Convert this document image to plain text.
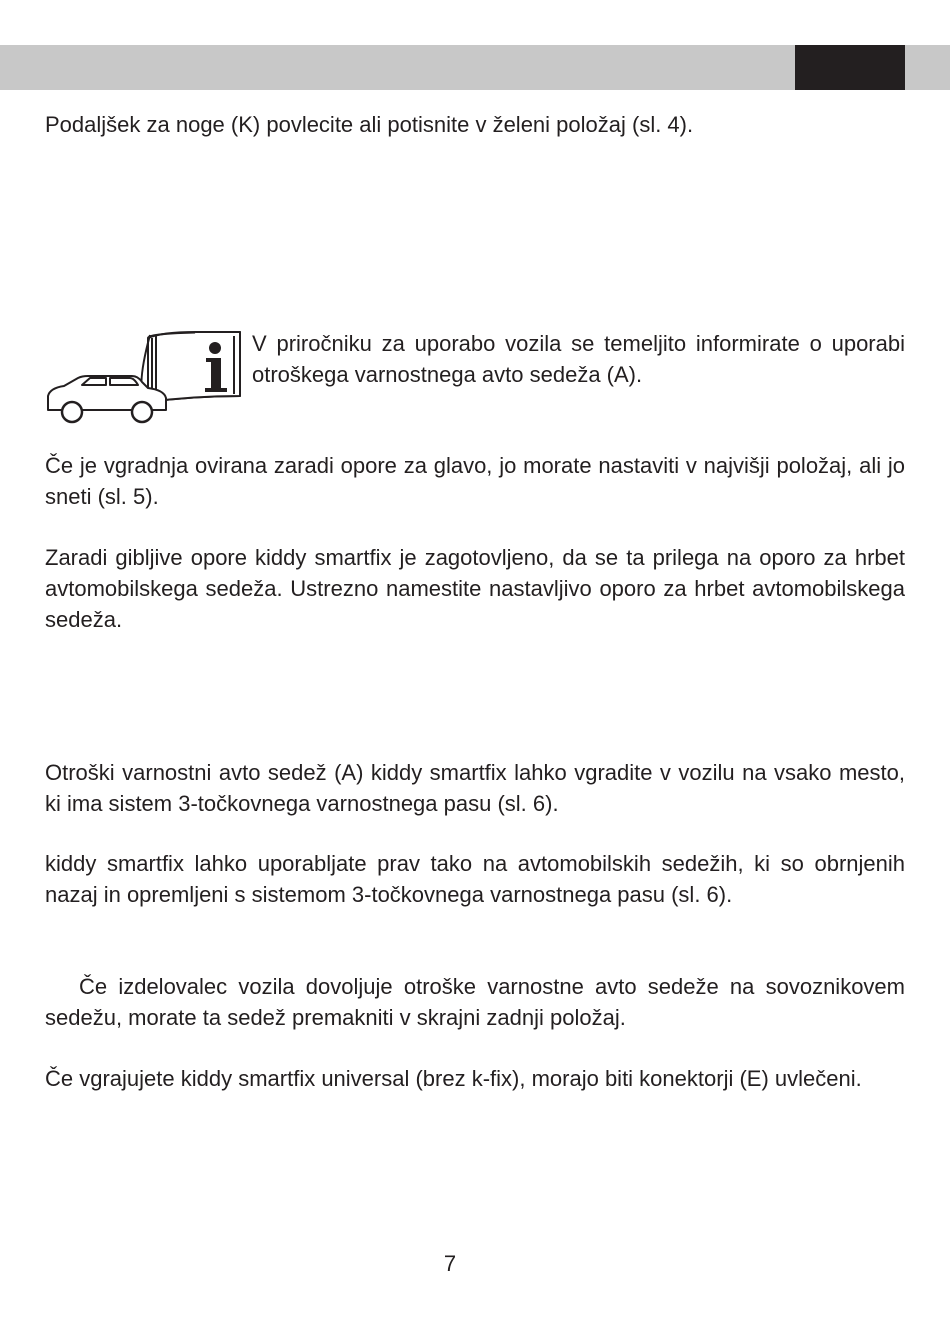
Podaljšek za noge (K) povlecite ali potisnite v želeni položaj (sl. 4).

V priročniku za uporabo vozila se temeljito informirate o uporabi otroškega varnostnega avto sedeža (A).

Če je vgradnja ovirana zaradi opore za glavo, jo morate nastaviti v najvišji položaj, ali jo sneti (sl. 5).

Zaradi gibljive opore kiddy smartfix je zagotovljeno, da se ta prilega na oporo za hrbet avtomobilskega sedeža. Ustrezno namestite nastavljivo oporo za hrbet avtomobilskega sedeža.

Otroški varnostni avto sedež (A) kiddy smartfix lahko vgradite v vozilu na vsako mesto, ki ima sistem 3-točkovnega varnostnega pasu (sl. 6).

kiddy smartfix lahko uporabljate prav tako na avtomobilskih sedežih, ki so obrnjenih nazaj in opremljeni s sistemom 3-točkovnega varnostnega pasu (sl. 6).

Če izdelovalec vozila dovoljuje otroške varnostne avto sedeže na sovoznikovem sedežu, morate ta sedež premakniti v skrajni zadnji položaj.

Če vgrajujete kiddy smartfix universal (brez k-fix), morajo biti konektorji (E) uvlečeni.

7
